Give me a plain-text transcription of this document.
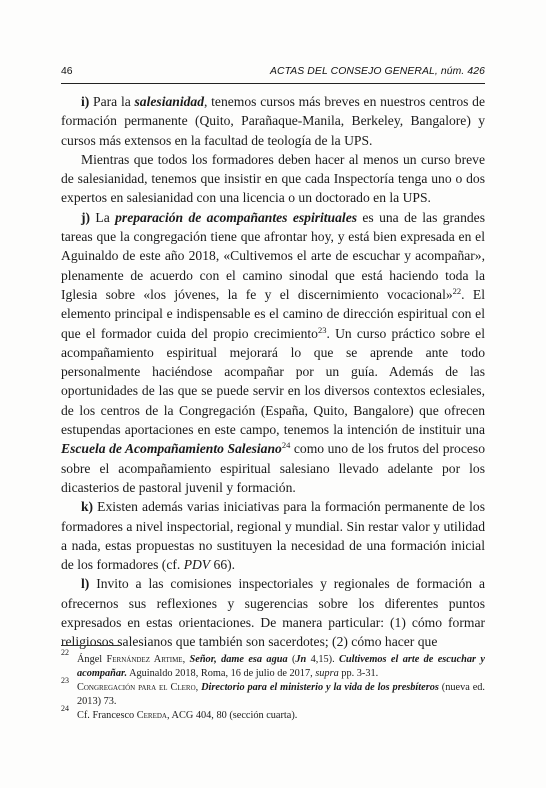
46	ACTAS DEL CONSEJO GENERAL, núm. 426

i) Para la salesianidad, tenemos cursos más breves en nuestros centros de formación permanente (Quito, Parañaque-Manila, Berkeley, Bangalore) y cursos más extensos en la facultad de teología de la UPS.

Mientras que todos los formadores deben hacer al menos un curso breve de salesianidad, tenemos que insistir en que cada Inspectoría tenga uno o dos expertos en salesianidad con una licencia o un doctorado en la UPS.

j) La preparación de acompañantes espirituales es una de las grandes tareas que la congregación tiene que afrontar hoy, y está bien expresada en el Aguinaldo de este año 2018, «Cultivemos el arte de escuchar y acompañar», plenamente de acuerdo con el camino sinodal que está haciendo toda la Iglesia sobre «los jóvenes, la fe y el discernimiento vocacional»$^{22}$. El elemento principal e indispensable es el camino de dirección espiritual con el que el formador cuida del propio crecimiento$^{23}$. Un curso práctico sobre el acompañamiento espiritual mejorará lo que se aprende ante todo personalmente haciéndose acompañar por un guía. Además de las oportunidades de las que se puede servir en los diversos contextos eclesiales, de los centros de la Congregación (España, Quito, Bangalore) que ofrecen estupendas aportaciones en este campo, tenemos la intención de instituir una Escuela de Acompañamiento Salesiano$^{24}$ como uno de los frutos del proceso sobre el acompañamiento espiritual salesiano llevado adelante por los dicasterios de pastoral juvenil y formación.

k) Existen además varias iniciativas para la formación permanente de los formadores a nivel inspectorial, regional y mundial. Sin restar valor y utilidad a nada, estas propuestas no sustituyen la necesidad de una formación inicial de los formadores (cf. PDV 66).

l) Invito a las comisiones inspectoriales y regionales de formación a ofrecernos sus reflexiones y sugerencias sobre los diferentes puntos expresados en estas orientaciones. De manera particular: (1) cómo formar religiosos salesianos que también son sacerdotes; (2) cómo hacer que

22
Ángel Fernández Artime, Señor, dame esa agua (Jn 4,15). Cultivemos el arte de escuchar y acompañar. Aguinaldo 2018, Roma, 16 de julio de 2017, supra pp. 3-31.
23
Congregación para el Clero, Directorio para el ministerio y la vida de los presbíteros (nueva ed. 2013) 73.
24
Cf. Francesco Cereda, ACG 404, 80 (sección cuarta).
